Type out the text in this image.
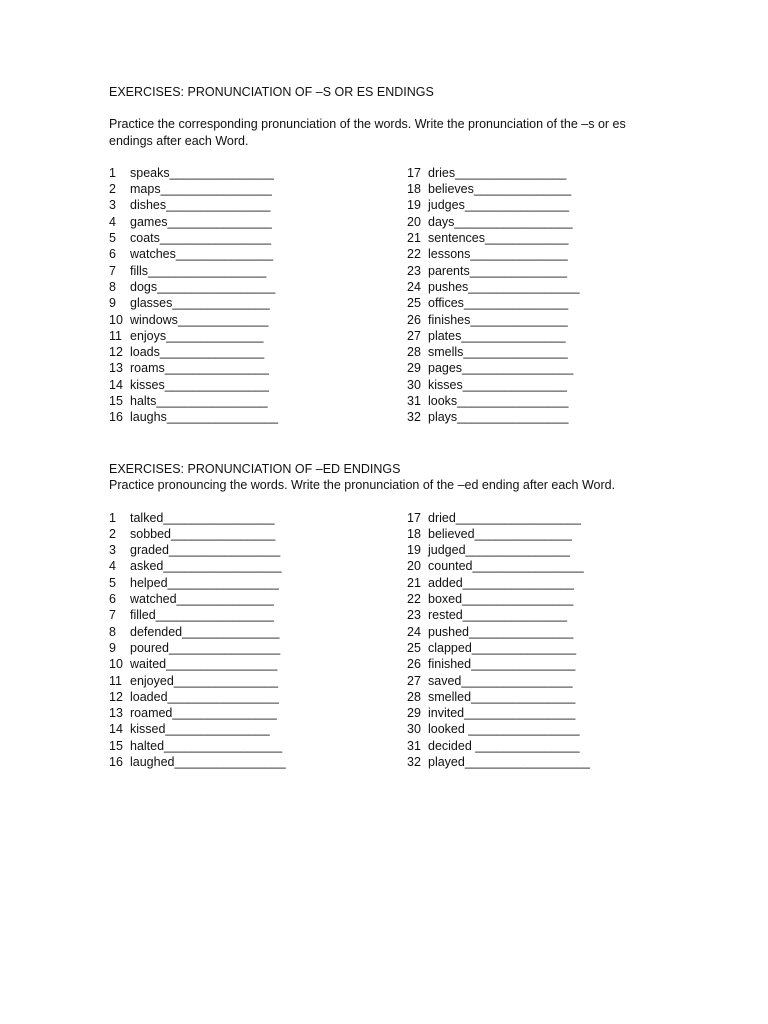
EXERCISES: PRONUNCIATION OF –S OR ES ENDINGS

Practice the corresponding pronunciation of the words. Write the pronunciation of the –s or es

endings after each Word.

1	speaks_______________
2	maps________________
3	dishes_______________
4	games_______________
5	coats________________
6	watches______________
7	fills_________________
8	dogs_________________
9	glasses______________
10 windows_____________
11 enjoys______________
12 loads_______________
13 roams_______________
14 kisses_______________
15 halts________________
16 laughs________________
17 dries________________
18 believes______________
19 judges_______________
20 days_________________
21 sentences____________
22 lessons______________
23 parents______________
24 pushes________________
25 offices_______________
26 finishes______________
27 plates_______________
28 smells_______________
29 pages________________
30 kisses_______________
31 looks________________
32 plays________________

EXERCISES: PRONUNCIATION OF –ED ENDINGS

Practice pronouncing the words. Write the pronunciation of the –ed ending after each Word.

1	talked________________
2	sobbed_______________
3	graded________________
4	asked_________________
5	helped________________
6	watched______________
7	filled_________________
8	defended______________
9	poured________________
10 waited________________
11 enjoyed_______________
12 loaded________________
13 roamed_______________
14 kissed_______________
15 halted_________________
16 laughed________________
17 dried__________________
18 believed______________
19 judged_______________
20 counted________________
21 added________________
22 boxed________________
23 rested_______________
24 pushed_______________
25 clapped_______________
26 finished_______________
27 saved________________
28 smelled_______________
29 invited________________
30 looked ________________
31 decided _______________
32 played__________________
